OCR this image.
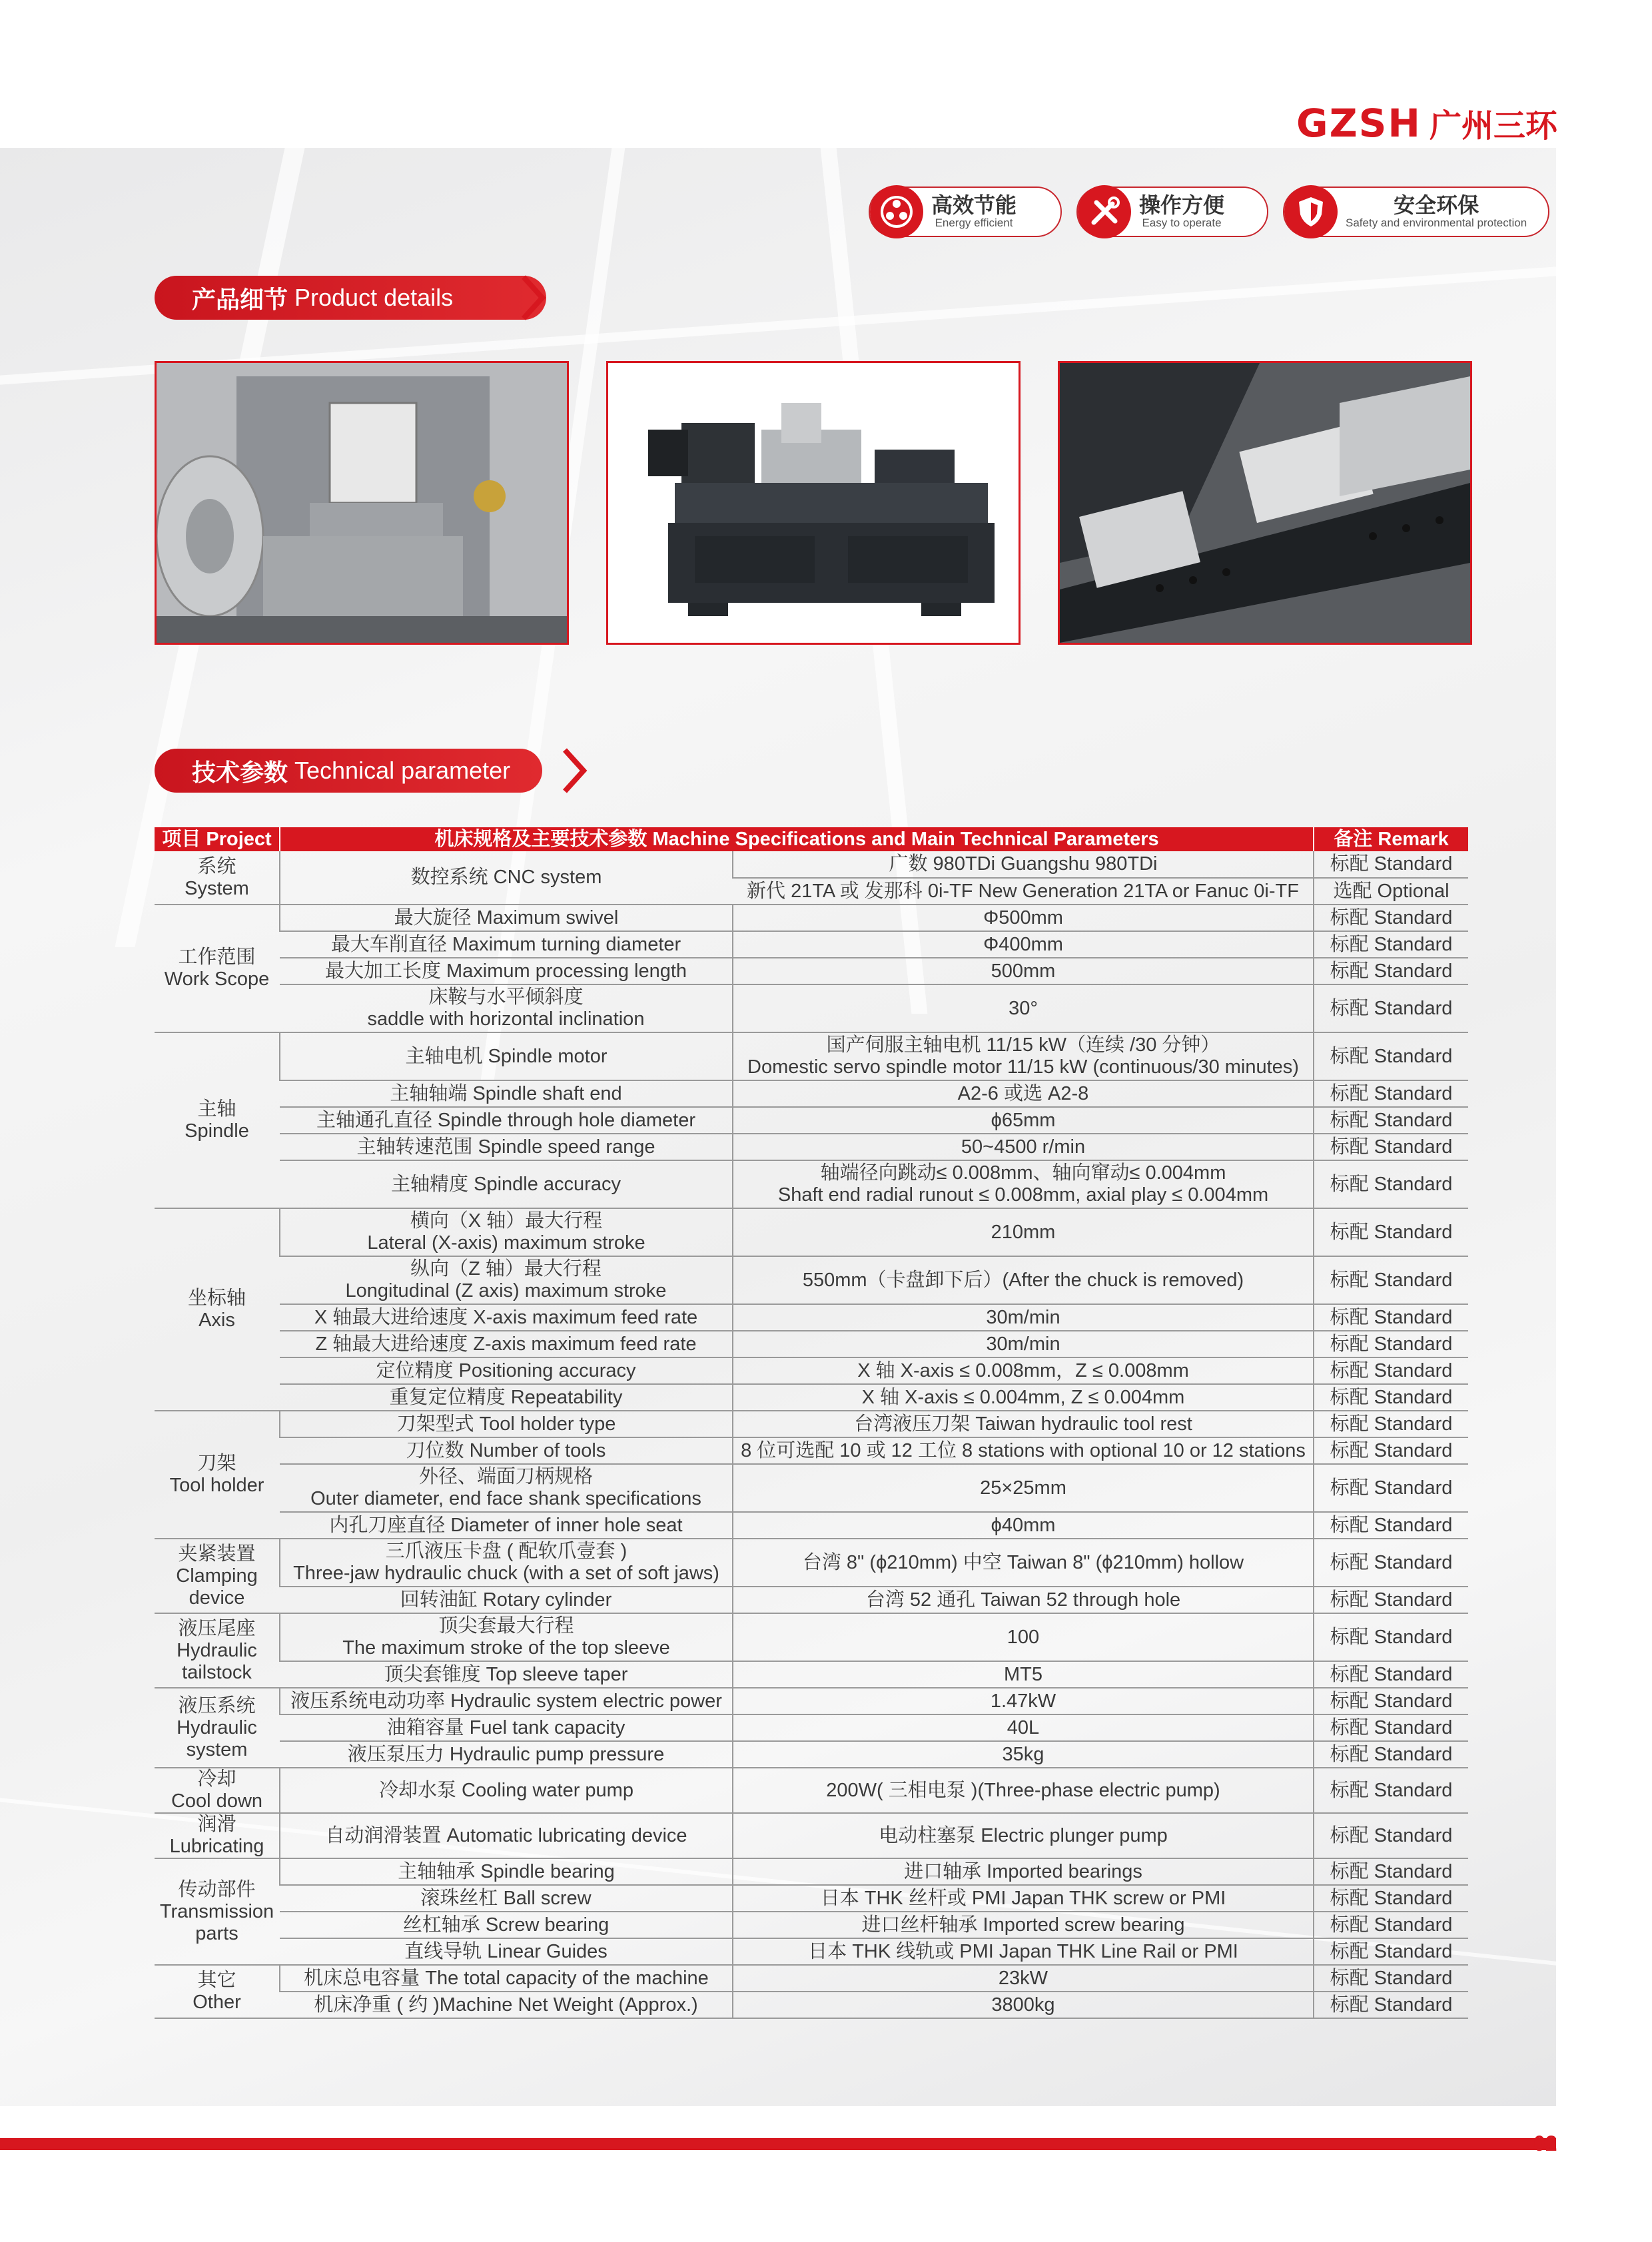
GZSH 广州三环
高效节能
Energy efficient
操作方便
Easy to operate
安全环保
Safety and environmental protection
产品细节 Product details
技术参数 Technical parameter
项目 Project	机床规格及主要技术参数 Machine Specifications and Main Technical Parameters		备注 Remark

系统
System	数控系统 CNC system	广数 980TDi Guangshu 980TDi	标配 Standard

		新代 21TA 或 发那科 0i-TF New Generation 21TA or Fanuc 0i-TF	选配 Optional

工作范围
Work Scope	最大旋径 Maximum swivel	Φ500mm	标配 Standard

	最大车削直径 Maximum turning diameter	Φ400mm	标配 Standard

	最大加工长度 Maximum processing length	500mm	标配 Standard

	床鞍与水平倾斜度
saddle with horizontal inclination	30°	标配 Standard

主轴
Spindle	主轴电机 Spindle motor	国产伺服主轴电机 11/15 kW（连续 /30 分钟）
Domestic servo spindle motor 11/15 kW (continuous/30 minutes)	标配 Standard

	主轴轴端 Spindle shaft end	A2-6 或选 A2-8	标配 Standard

	主轴通孔直径 Spindle through hole diameter	ϕ65mm	标配 Standard

	主轴转速范围 Spindle speed range	50~4500 r/min	标配 Standard

	主轴精度 Spindle accuracy	轴端径向跳动≤ 0.008mm、轴向窜动≤ 0.004mm
Shaft end radial runout ≤ 0.008mm, axial play ≤ 0.004mm	标配 Standard

坐标轴
Axis	横向（X 轴）最大行程
Lateral (X-axis) maximum stroke	210mm	标配 Standard

	纵向（Z 轴）最大行程
Longitudinal (Z axis) maximum stroke	550mm（卡盘卸下后）(After the chuck is removed)	标配 Standard

	X 轴最大进给速度 X-axis maximum feed rate	30m/min	标配 Standard

	Z 轴最大进给速度 Z-axis maximum feed rate	30m/min	标配 Standard

	定位精度 Positioning accuracy	X 轴 X-axis ≤ 0.008mm，Z ≤ 0.008mm	标配 Standard

	重复定位精度 Repeatability	X 轴 X-axis ≤ 0.004mm, Z ≤ 0.004mm	标配 Standard

刀架
Tool holder	刀架型式 Tool holder type	台湾液压刀架 Taiwan hydraulic tool rest	标配 Standard

	刀位数 Number of tools	8 位可选配 10 或 12 工位 8 stations with optional 10 or 12 stations	标配 Standard

	外径、端面刀柄规格
Outer diameter, end face shank specifications	25×25mm	标配 Standard

	内孔刀座直径 Diameter of inner hole seat	ϕ40mm	标配 Standard

夹紧装置
Clamping device	三爪液压卡盘 ( 配软爪壹套 )
Three-jaw hydraulic chuck (with a set of soft jaws)	台湾 8" (ϕ210mm) 中空 Taiwan 8" (ϕ210mm) hollow	标配 Standard

	回转油缸 Rotary cylinder	台湾 52 通孔 Taiwan 52 through hole	标配 Standard

液压尾座
Hydraulic tailstock	顶尖套最大行程
The maximum stroke of the top sleeve	100	标配 Standard

	顶尖套锥度 Top sleeve taper	MT5	标配 Standard

液压系统
Hydraulic system	液压系统电动功率 Hydraulic system electric power	1.47kW	标配 Standard

	油箱容量 Fuel tank capacity	40L	标配 Standard

	液压泵压力 Hydraulic pump pressure	35kg	标配 Standard

冷却
Cool down	冷却水泵 Cooling water pump	200W( 三相电泵 )(Three-phase electric pump)	标配 Standard

润滑
Lubricating	自动润滑装置 Automatic lubricating device	电动柱塞泵 Electric plunger pump	标配 Standard

传动部件
Transmission parts	主轴轴承 Spindle bearing	进口轴承 Imported bearings	标配 Standard

	滚珠丝杠 Ball screw	日本 THK 丝杆或 PMI Japan THK screw or PMI	标配 Standard

	丝杠轴承 Screw bearing	进口丝杆轴承 Imported screw bearing	标配 Standard

	直线导轨 Linear Guides	日本 THK 线轨或 PMI Japan THK Line Rail or PMI	标配 Standard

其它
Other	机床总电容量 The total capacity of the machine	23kW	标配 Standard

	机床净重 ( 约 )Machine Net Weight (Approx.)	3800kg	标配 Standard
02
